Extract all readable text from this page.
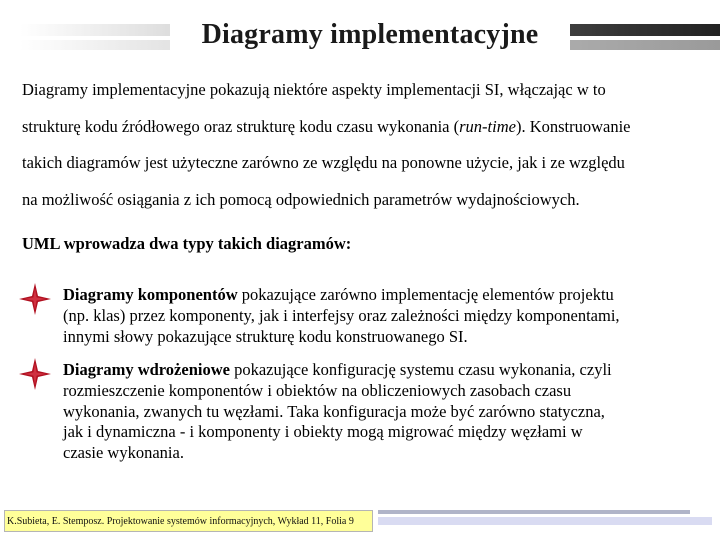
Diagramy implementacyjne
Diagramy implementacyjne pokazują niektóre aspekty implementacji SI, włączając w to
strukturę kodu źródłowego oraz strukturę kodu czasu wykonania (run-time). Konstruowanie
takich diagramów jest użyteczne zarówno ze względu na ponowne użycie, jak i ze względu
na możliwość osiągania z ich pomocą odpowiednich parametrów wydajnościowych.
UML wprowadza dwa typy takich diagramów:
Diagramy komponentów pokazujące zarówno implementację elementów projektu
(np. klas) przez komponenty, jak i interfejsy oraz zależności między komponentami,
innymi słowy pokazujące strukturę kodu konstruowanego SI.
Diagramy wdrożeniowe pokazujące konfigurację systemu czasu wykonania, czyli
rozmieszczenie komponentów i obiektów na obliczeniowych zasobach czasu
wykonania, zwanych tu węzłami. Taka konfiguracja może być zarówno statyczna,
jak i dynamiczna - i komponenty i obiekty mogą migrować między węzłami w
czasie wykonania.
K.Subieta, E. Stemposz. Projektowanie systemów informacyjnych, Wykład 11, Folia 9
